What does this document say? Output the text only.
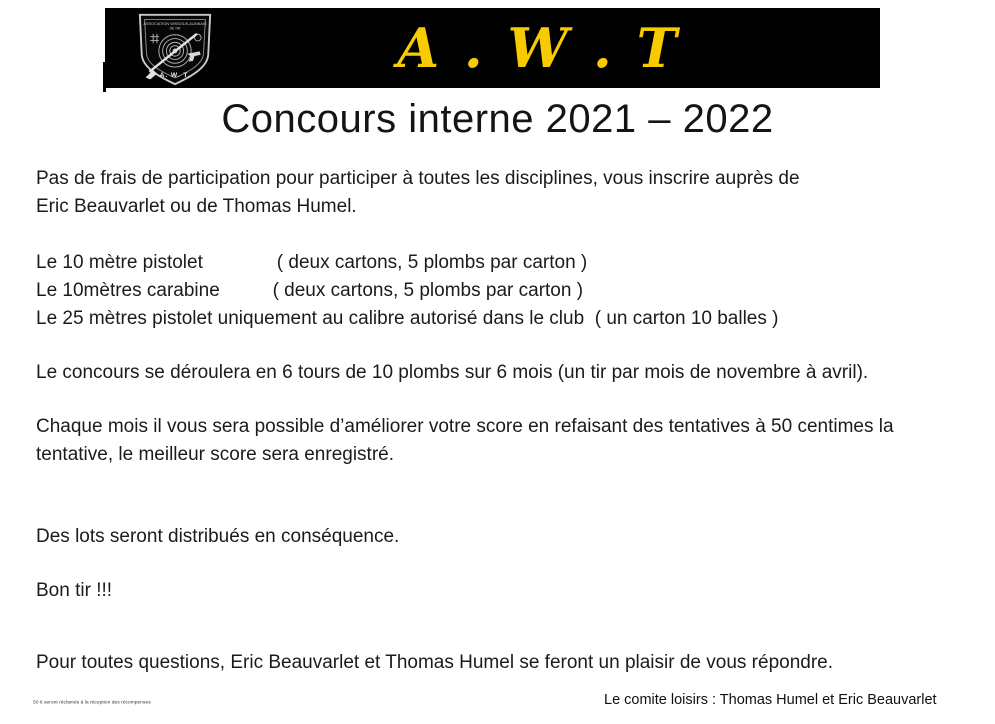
ASSOCIATION WISSOUS-ALBINAIS
DE TIR
A. W. T.	A . W . T
Concours interne 2021 – 2022
Pas de frais de participation pour participer à toutes les disciplines, vous inscrire auprès de
Eric Beauvarlet ou de Thomas Humel.
Le 10 mètre pistolet              ( deux cartons, 5 plombs par carton )
Le 10mètres carabine          ( deux cartons, 5 plombs par carton )
Le 25 mètres pistolet uniquement au calibre autorisé dans le club  ( un carton 10 balles )
Le concours se déroulera en 6 tours de 10 plombs sur 6 mois (un tir par mois de novembre à avril).
Chaque mois il vous sera possible d’améliorer votre score en refaisant des tentatives à 50 centimes la
tentative, le meilleur score sera enregistré.
Des lots seront distribués en conséquence.
Bon tir !!!
Pour toutes questions, Eric Beauvarlet et Thomas Humel se feront un plaisir de vous répondre.
50 € seront réclamés à la réception des récompenses	Le comite loisirs : Thomas Humel et Eric Beauvarlet
